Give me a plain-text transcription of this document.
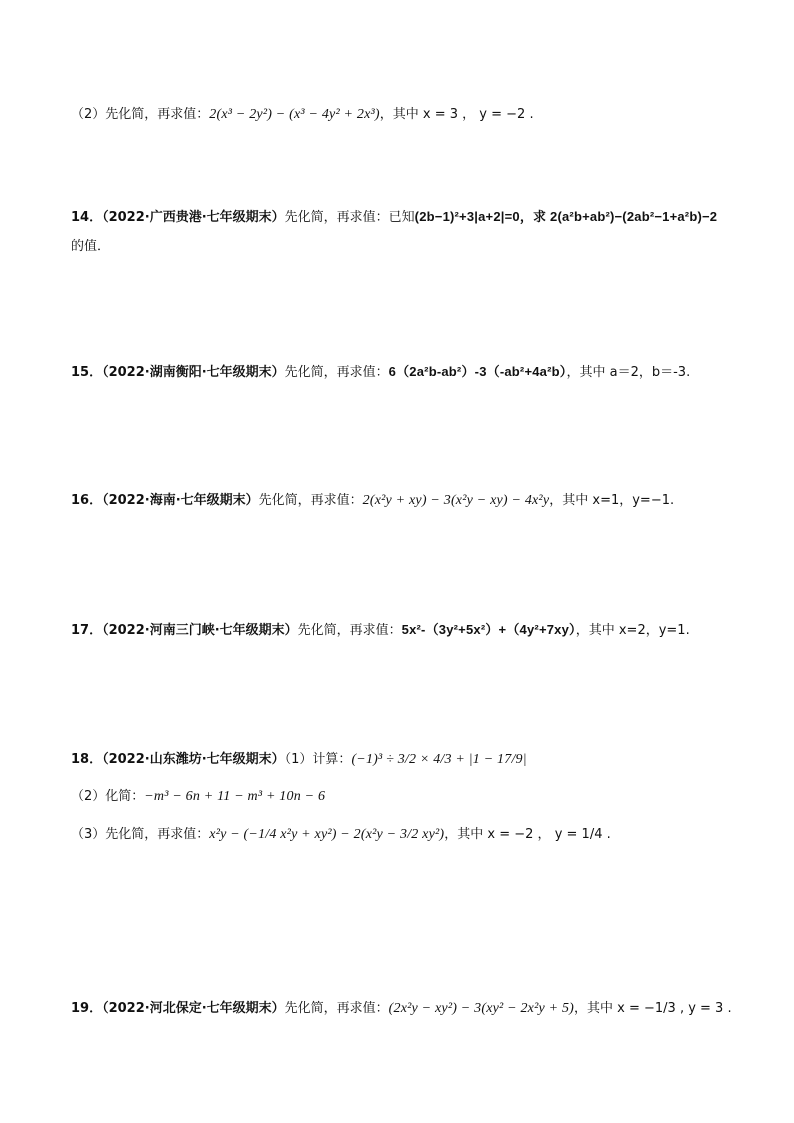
（2）先化简，再求值：2(x³ − 2y²) − (x³ − 4y² + 2x³)，其中 x = 3 ， y = −2 .
14．（2022·广西贵港·七年级期末）先化简，再求值：已知(2b−1)²+3|a+2|=0，求 2(a²b+ab²)−(2ab²−1+a²b)−2
的值．
15．（2022·湖南衡阳·七年级期末）先化简，再求值：6（2a²b-ab²）-3（-ab²+4a²b），其中 a＝2，b＝-3.
16．（2022·海南·七年级期末）先化简，再求值：2(x²y + xy) − 3(x²y − xy) − 4x²y，其中 x=1，y=−1.
17．（2022·河南三门峡·七年级期末）先化简，再求值：5x²-（3y²+5x²）+（4y²+7xy），其中 x=2，y=1.
18．（2022·山东潍坊·七年级期末）（1）计算：(−1)³ ÷ 3/2 × 4/3 + |1 − 17/9|
（2）化简：−m³ − 6n + 11 − m³ + 10n − 6
（3）先化简，再求值：x²y − (−1/4 x²y + xy²) − 2(x²y − 3/2 xy²)，其中 x = −2 ， y = 1/4 .
19．（2022·河北保定·七年级期末）先化简，再求值：(2x²y − xy²) − 3(xy² − 2x²y + 5)，其中 x = −1/3 , y = 3 .
